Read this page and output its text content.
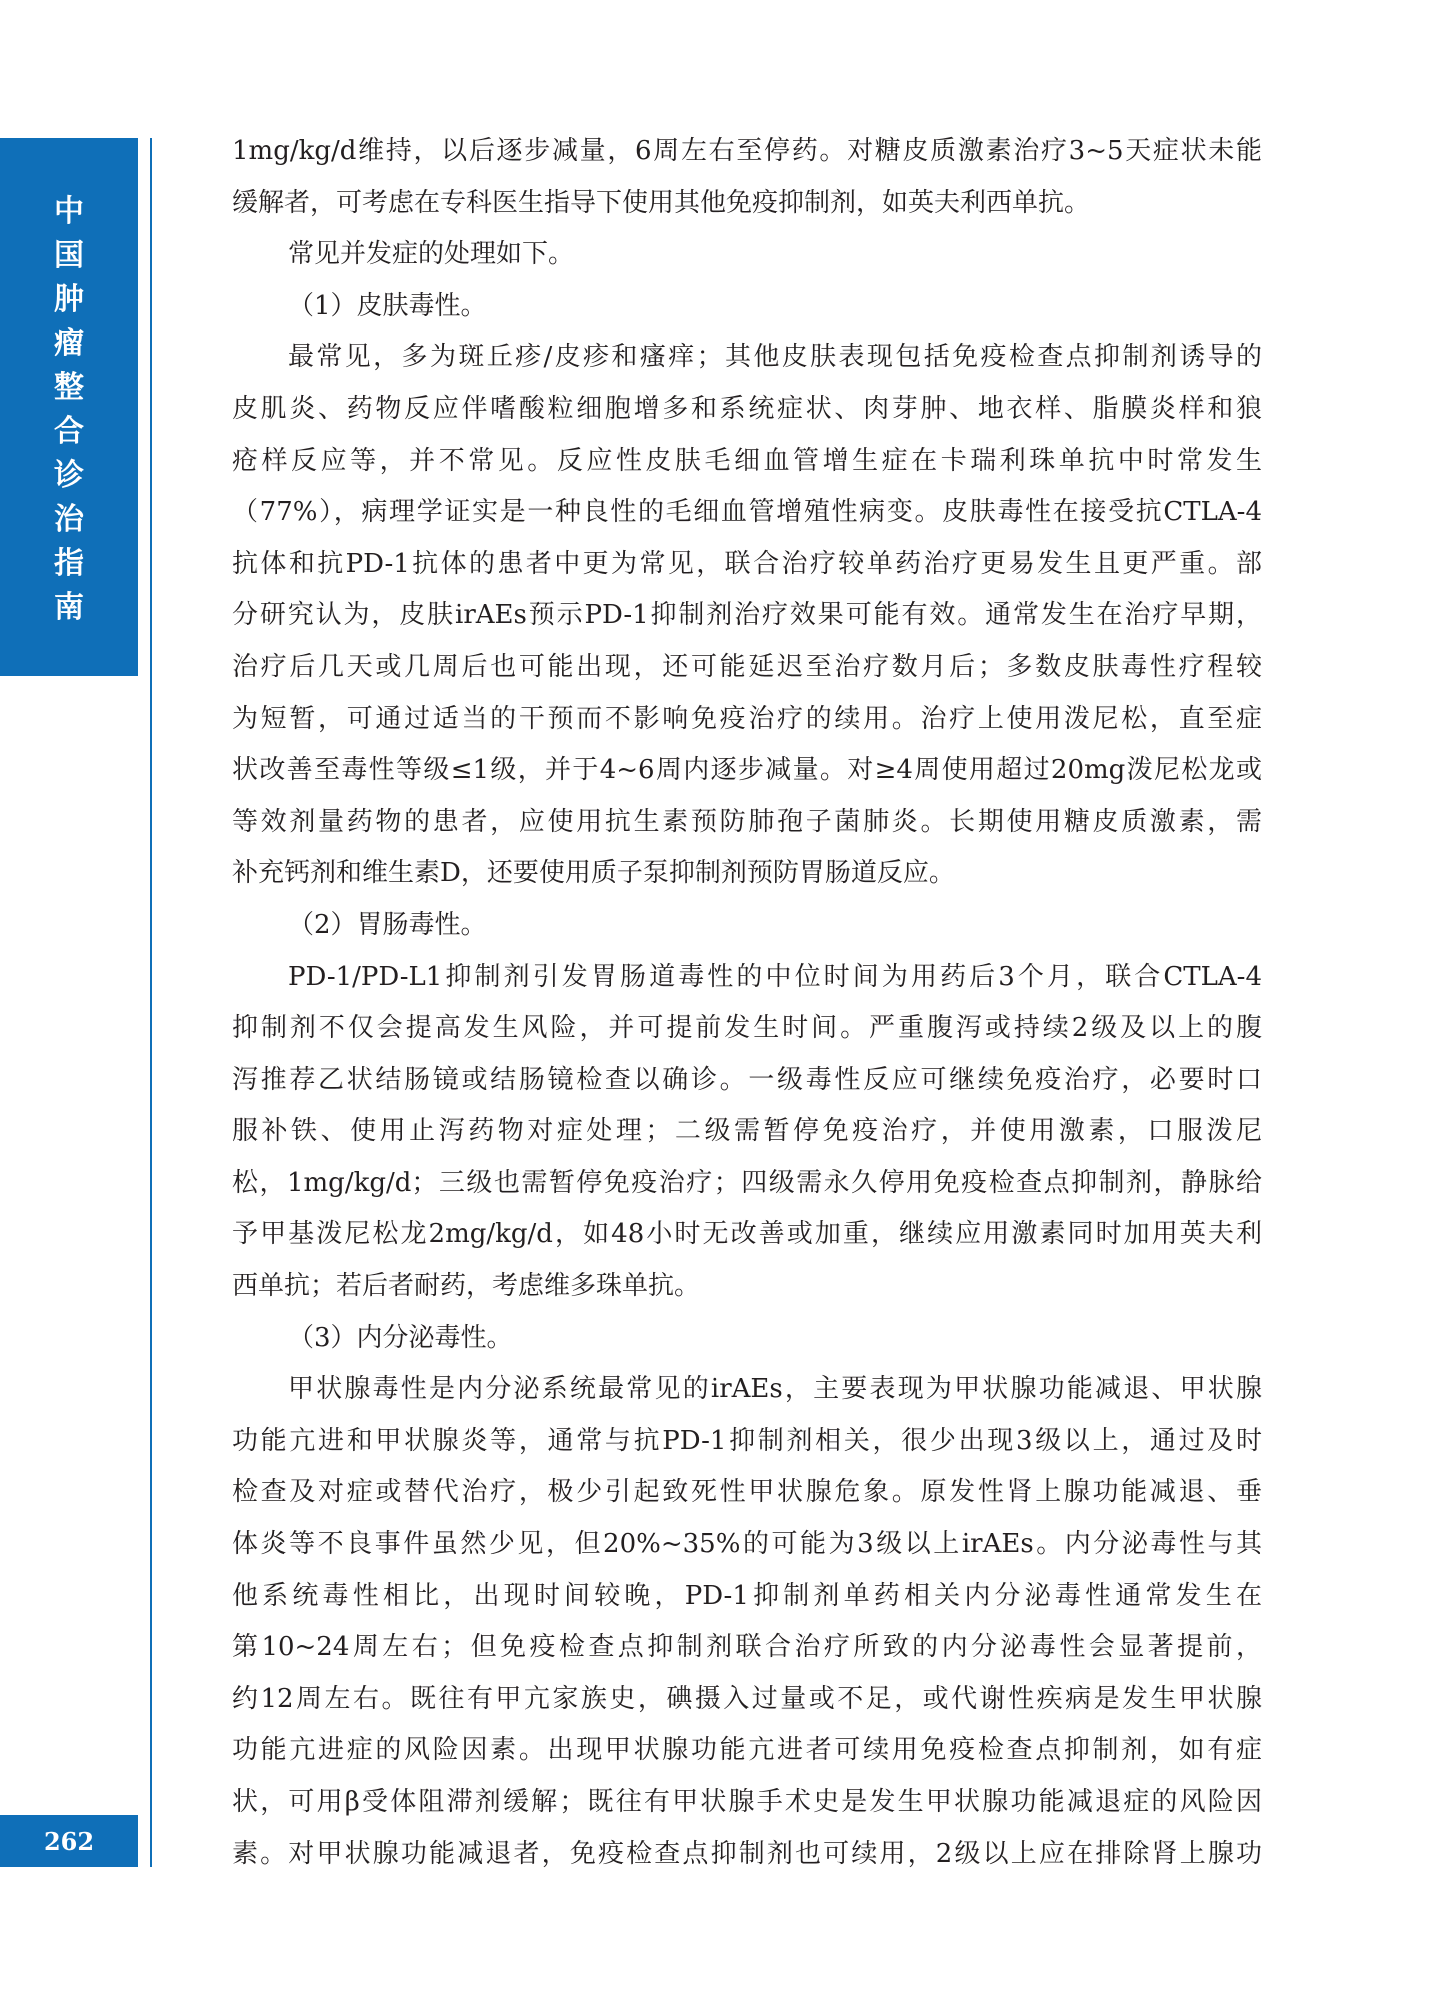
中
国
肿
瘤
整
合
诊
治
指
南
262
1mg/kg/d维持，以后逐步减量，6周左右至停药。对糖皮质激素治疗3~5天症状未能
缓解者，可考虑在专科医生指导下使用其他免疫抑制剂，如英夫利西单抗。
常见并发症的处理如下。
（1）皮肤毒性。
最常见，多为斑丘疹/皮疹和瘙痒；其他皮肤表现包括免疫检查点抑制剂诱导的
皮肌炎、药物反应伴嗜酸粒细胞增多和系统症状、肉芽肿、地衣样、脂膜炎样和狼
疮样反应等，并不常见。反应性皮肤毛细血管增生症在卡瑞利珠单抗中时常发生
（77%），病理学证实是一种良性的毛细血管增殖性病变。皮肤毒性在接受抗CTLA-4
抗体和抗PD-1抗体的患者中更为常见，联合治疗较单药治疗更易发生且更严重。部
分研究认为，皮肤irAEs预示PD-1抑制剂治疗效果可能有效。通常发生在治疗早期，
治疗后几天或几周后也可能出现，还可能延迟至治疗数月后；多数皮肤毒性疗程较
为短暂，可通过适当的干预而不影响免疫治疗的续用。治疗上使用泼尼松，直至症
状改善至毒性等级≤1级，并于4~6周内逐步减量。对≥4周使用超过20mg泼尼松龙或
等效剂量药物的患者，应使用抗生素预防肺孢子菌肺炎。长期使用糖皮质激素，需
补充钙剂和维生素D，还要使用质子泵抑制剂预防胃肠道反应。
（2）胃肠毒性。
PD-1/PD-L1抑制剂引发胃肠道毒性的中位时间为用药后3个月，联合CTLA-4
抑制剂不仅会提高发生风险，并可提前发生时间。严重腹泻或持续2级及以上的腹
泻推荐乙状结肠镜或结肠镜检查以确诊。一级毒性反应可继续免疫治疗，必要时口
服补铁、使用止泻药物对症处理；二级需暂停免疫治疗，并使用激素，口服泼尼
松，1mg/kg/d；三级也需暂停免疫治疗；四级需永久停用免疫检查点抑制剂，静脉给
予甲基泼尼松龙2mg/kg/d，如48小时无改善或加重，继续应用激素同时加用英夫利
西单抗；若后者耐药，考虑维多珠单抗。
（3）内分泌毒性。
甲状腺毒性是内分泌系统最常见的irAEs，主要表现为甲状腺功能减退、甲状腺
功能亢进和甲状腺炎等，通常与抗PD-1抑制剂相关，很少出现3级以上，通过及时
检查及对症或替代治疗，极少引起致死性甲状腺危象。原发性肾上腺功能减退、垂
体炎等不良事件虽然少见，但20%~35%的可能为3级以上irAEs。内分泌毒性与其
他系统毒性相比，出现时间较晚，PD-1抑制剂单药相关内分泌毒性通常发生在
第10~24周左右；但免疫检查点抑制剂联合治疗所致的内分泌毒性会显著提前，
约12周左右。既往有甲亢家族史，碘摄入过量或不足，或代谢性疾病是发生甲状腺
功能亢进症的风险因素。出现甲状腺功能亢进者可续用免疫检查点抑制剂，如有症
状，可用β受体阻滞剂缓解；既往有甲状腺手术史是发生甲状腺功能减退症的风险因
素。对甲状腺功能减退者，免疫检查点抑制剂也可续用，2级以上应在排除肾上腺功
